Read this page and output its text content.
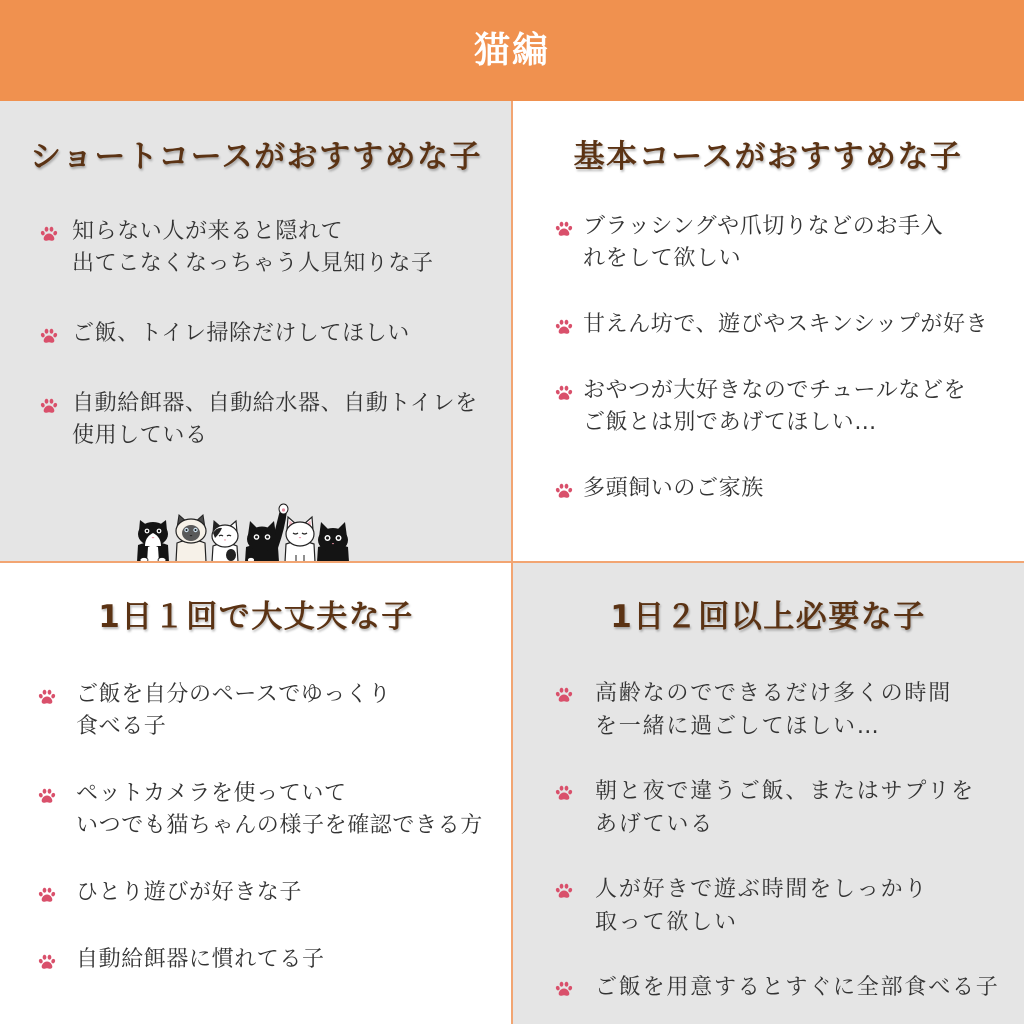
猫編
ショートコースがおすすめな子
知らない人が来ると隠れて
出てこなくなっちゃう人見知りな子
ご飯、トイレ掃除だけしてほしい
自動給餌器、自動給水器、自動トイレを
使用している
基本コースがおすすめな子
ブラッシングや爪切りなどのお手入
れをして欲しい
甘えん坊で、遊びやスキンシップが好き
おやつが大好きなのでチュールなどを
ご飯とは別であげてほしい…
多頭飼いのご家族
1日１回で大丈夫な子
ご飯を自分のペースでゆっくり
食べる子
ペットカメラを使っていて
いつでも猫ちゃんの様子を確認できる方
ひとり遊びが好きな子
自動給餌器に慣れてる子
1日２回以上必要な子
高齢なのでできるだけ多くの時間
を一緒に過ごしてほしい…
朝と夜で違うご飯、またはサプリを
あげている
人が好きで遊ぶ時間をしっかり
取って欲しい
ご飯を用意するとすぐに全部食べる子
